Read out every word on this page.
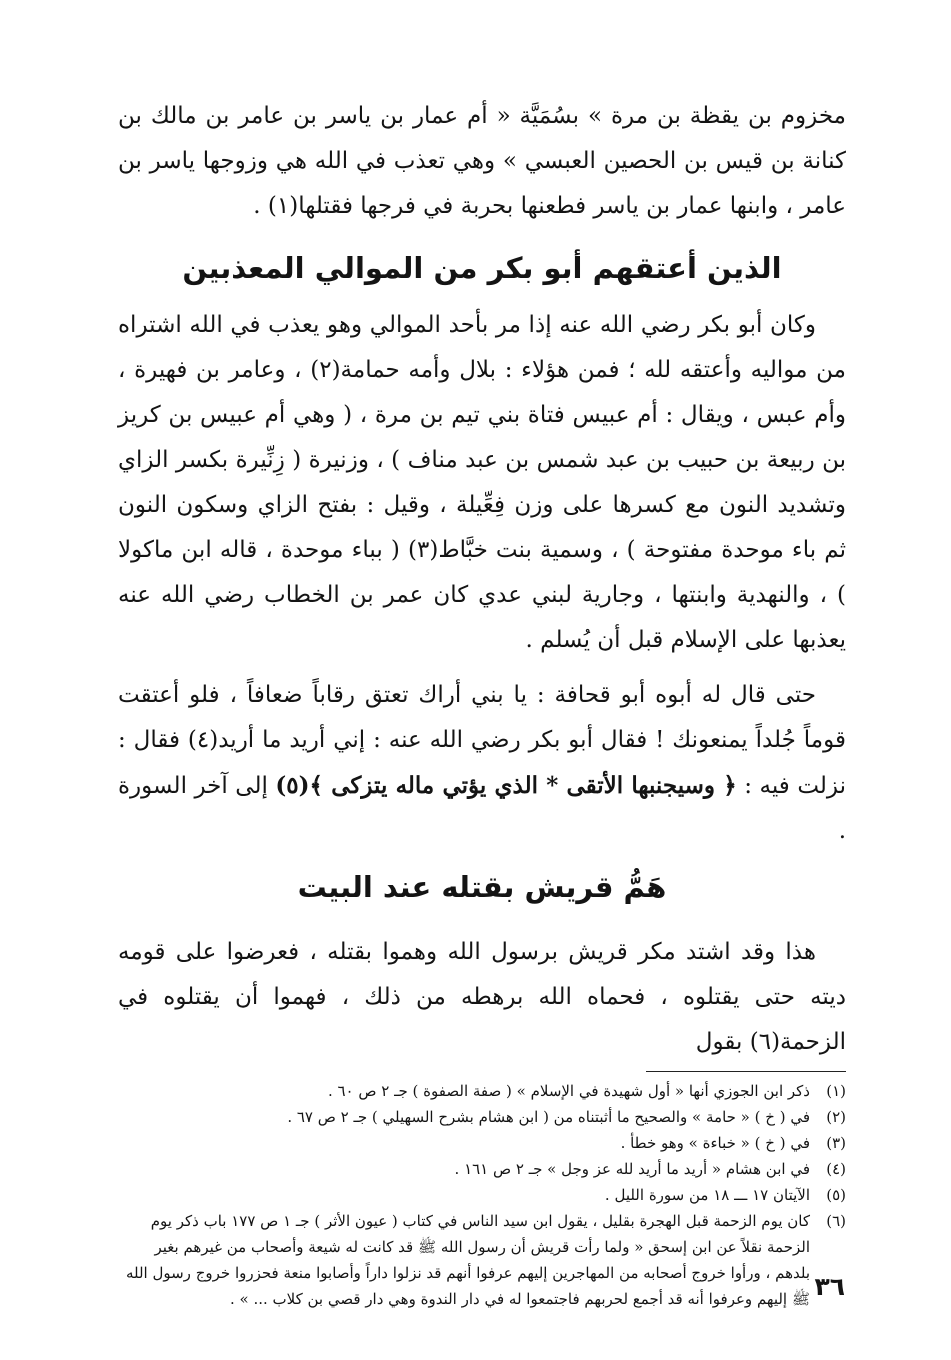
مخزوم بن يقظة بن مرة » بسُمَيَّة « أم عمار بن ياسر بن عامر بن مالك بن كنانة بن قيس بن الحصين العبسي » وهي تعذب في الله هي وزوجها ياسر بن عامر ، وابنها عمار بن ياسر فطعنها بحربة في فرجها فقتلها(١) .

الذين أعتقهم أبو بكر من الموالي المعذبين

وكان أبو بكر رضي الله عنه إذا مر بأحد الموالي وهو يعذب في الله اشتراه من مواليه وأعتقه لله ؛ فمن هؤلاء : بلال وأمه حمامة(٢) ، وعامر بن فهيرة ، وأم عبس ، ويقال : أم عبيس فتاة بني تيم بن مرة ، ( وهي أم عبيس بن كريز بن ربيعة بن حبيب بن عبد شمس بن عبد مناف ) ، وزنيرة ( زِنِّيرة بكسر الزاي وتشديد النون مع كسرها على وزن فِعِّيلة ، وقيل : بفتح الزاي وسكون النون ثم باء موحدة مفتوحة ) ، وسمية بنت خبَّاط(٣) ( بباء موحدة ، قاله ابن ماكولا ) ، والنهدية وابنتها ، وجارية لبني عدي كان عمر بن الخطاب رضي الله عنه يعذبها على الإسلام قبل أن يُسلم .

حتى قال له أبوه أبو قحافة : يا بني أراك تعتق رقاباً ضعافاً ، فلو أعتقت قوماً جُلداً يمنعونك ! فقال أبو بكر رضي الله عنه : إني أريد ما أريد(٤) فقال : نزلت فيه : ﴿ وسيجنبها الأتقى * الذي يؤتي ماله يتزكى ﴾(٥) إلى آخر السورة .

هَمُّ قريش بقتله عند البيت

هذا وقد اشتد مكر قريش برسول الله وهموا بقتله ، فعرضوا على قومه ديته حتى يقتلوه ، فحماه الله برهطه من ذلك ، فهموا أن يقتلوه في الزحمة(٦) بقول

(١)
ذكر ابن الجوزي أنها « أول شهيدة في الإسلام » ( صفة الصفوة ) جـ ٢ ص ٦٠ .
(٢)
في ( خ ) « حامة » والصحيح ما أثبتناه من ( ابن هشام بشرح السهيلي ) جـ ٢ ص ٦٧ .
(٣)
في ( خ ) « خباءة » وهو خطأ .
(٤)
في ابن هشام « أريد ما أريد لله عز وجل » جـ ٢ ص ١٦١ .
(٥)
الآيتان ١٧ ـــ ١٨ من سورة الليل .
(٦)
كان يوم الزحمة قبل الهجرة بقليل ، يقول ابن سيد الناس في كتاب ( عيون الأثر ) جـ ١ ص ١٧٧ باب ذكر يوم الزحمة نقلاً عن ابن إسحق « ولما رأت قريش أن رسول الله ﷺ قد كانت له شيعة وأصحاب من غيرهم بغير بلدهم ، ورأوا خروج أصحابه من المهاجرين إليهم عرفوا أنهم قد نزلوا داراً وأصابوا منعة فحزروا خروج رسول الله ﷺ إليهم وعرفوا أنه قد أجمع لحربهم فاجتمعوا له في دار الندوة وهي دار قصي بن كلاب ... » . ٣٦
